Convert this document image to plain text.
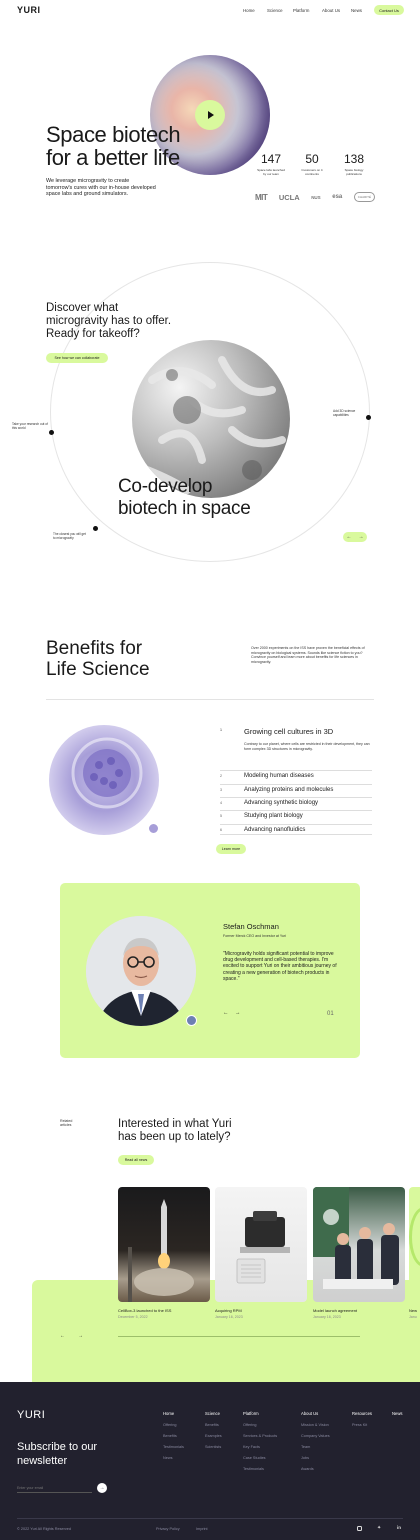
YURI	Home	Science Platform	About Us News	Contact Us
Space biotech
for a better life
We leverage microgravity to create tomorrow's cures with our in-house developed space labs and ground simulators.
147
Space labs launched by our team
50
Customers on 4 continents
138
Space biology publications
MIT UCLA	NUS esa	CHARITÉ
Discover what
microgravity has to offer.
Ready for takeoff?
See how we can collaborate
Co-develop
biotech in space
Take your research out of this world
Add 3D science capabilities
The closest you will get to microgravity	← →
Benefits for
Life Science
Over 2000 experiments on the ISS have proven the beneficial effects of microgravity on biological systems. Sounds like science fiction to you? Convince yourself and learn more about benefits for life sciences in microgravity.
1	Growing cell cultures in 3D
Contrary to our planet, where cells are restricted in their development, they can form complex 3D structures in microgravity.
2	Modeling human diseases
3	Analyzing proteins and molecules
4	Advancing synthetic biology
5	Studying plant biology
6	Advancing nanofluidics
Learn more
Stefan Oschman
Former Merck CEO and Investor at Yuri
"Microgravity holds significant potential to improve drug development and cell-based therapies. I'm excited to support Yuri on their ambitious journey of creating a new generation of biotech products in space."
← →	01
Related articles	Interested in what Yuri
has been up to lately?
Read all news
CellBox-3 launched to the ISS
December 5, 2022
Acquiring RPM
January 16, 2023
Model launch agreement
January 16, 2023
New
Janu
←	→
YURI
Subscribe to our
newsletter
Enter your email
→
Home
Offering
Benefits
Testimonials
News
Science
Benefits
Examples
Scientists
Platform
Offering
Services & Products
Key Facts
Case Studies
Testimonials
About Us
Mission & Vision
Company Values
Team
Jobs
Awards
Resources
Press Kit
News
© 2022 Yuri All Rights Reserved	Privacy Policy	Imprint	✦	in
